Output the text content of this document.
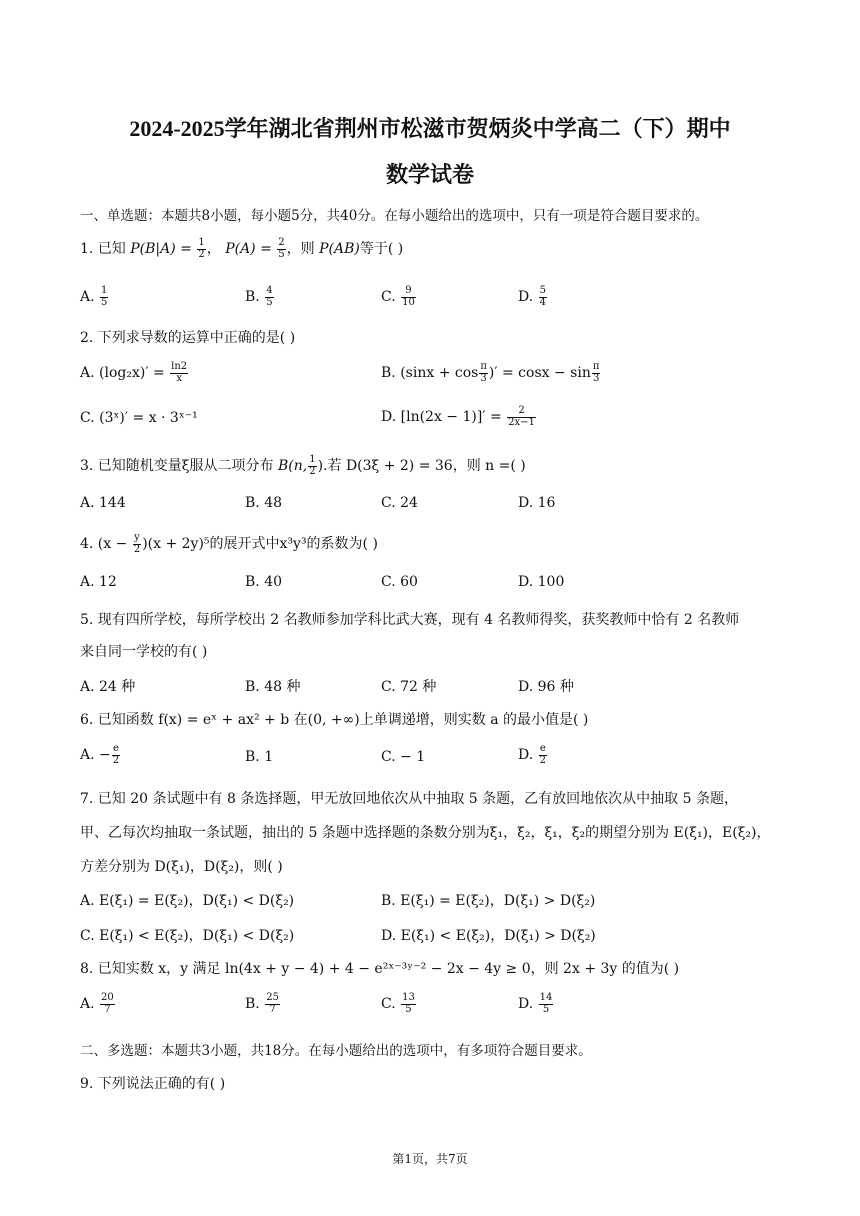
2024-2025学年湖北省荆州市松滋市贺炳炎中学高二（下）期中
数学试卷
一、单选题：本题共8小题，每小题5分，共40分。在每小题给出的选项中，只有一项是符合题目要求的。
1. 已知 $P(B|A) = \frac{1}{2}$ ， $P(A) = \frac{2}{5}$ ，则 P(AB)等于( )
A. $\frac{1}{5}$	B. $\frac{4}{5}$	C. $\frac{9}{10}$	D. $\frac{5}{4}$
2. 下列求导数的运算中正确的是( )
A. $(\log_2x)' = \frac{\ln 2}{x}$	B. ($\sin x + \cos \frac{\pi}{3}$ )′ = $\cos x - \sin \frac{\pi}{3}$
C. (3ˣ)′ = x · 3ˣ⁻¹	D. $[\ln(2x - 1)]' = \frac{2}{2x-1}$
3. 已知随机变量ξ服从二项分布 B(n, $\frac{1}{2}$ ).若 D(3ξ + 2) = 36，则 n =( )
A. 144	B. 48	C. 24	D. 16
4. $(x - \frac{y}{2} )(x + 2y)^5$的展开式中x³y³的系数为( )
A. 12	B. 40	C. 60	D. 100
5. 现有四所学校，每所学校出 2 名教师参加学科比武大赛，现有 4 名教师得奖，获奖教师中恰有 2 名教师
来自同一学校的有( )
A. 24 种	B. 48 种	C. 72 种	D. 96 种
6. 已知函数 f(x) = eˣ + ax² + b 在(0, +∞)上单调递增，则实数 a 的最小值是( )
A. − $\frac{e}{2}$	B. 1	C. − 1	D. $\frac{e}{2}$
7. 已知 20 条试题中有 8 条选择题，甲无放回地依次从中抽取 5 条题，乙有放回地依次从中抽取 5 条题，
甲、乙每次均抽取一条试题，抽出的 5 条题中选择题的条数分别为ξ₁，ξ₂，ξ₁，ξ₂的期望分别为 E(ξ₁)，E(ξ₂)，
方差分别为 D(ξ₁)，D(ξ₂)，则( )
A. E(ξ₁) = E(ξ₂)，D(ξ₁) < D(ξ₂)	B. E(ξ₁) = E(ξ₂)，D(ξ₁) > D(ξ₂)
C. E(ξ₁) < E(ξ₂)，D(ξ₁) < D(ξ₂)	D. E(ξ₁) < E(ξ₂)，D(ξ₁) > D(ξ₂)
8. 已知实数 x，y 满足 ln(4x + y − 4) + 4 − e²ˣ⁻³ʸ⁻² − 2x − 4y ≥ 0，则 2x + 3y 的值为( )
A. $\frac{20}{7}$	B. $\frac{25}{7}$	C. $\frac{13}{5}$	D. $\frac{14}{5}$
二、多选题：本题共3小题，共18分。在每小题给出的选项中，有多项符合题目要求。
9. 下列说法正确的有( )
第1页，共7页
